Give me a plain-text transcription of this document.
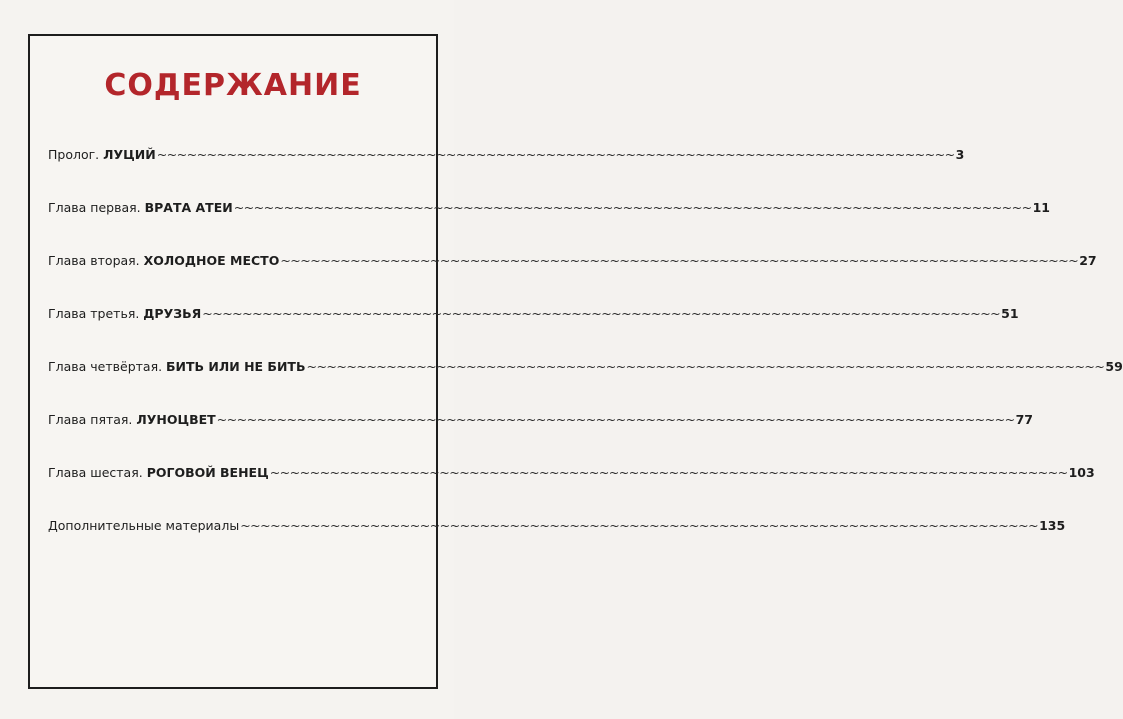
СОДЕРЖАНИЕ
Пролог. ЛУЦИЙ ~~~~~~~~~~~~~~~~~~~~~~~~~~~~~~~~~~~~~~~~~~~~~~~~~~~~~~~~~~~~~~~~~~~~~~~~~~~~~~~~ 3
Глава первая. ВРАТА АТЕИ ~~~~~~~~~~~~~~~~~~~~~~~~~~~~~~~~~~~~~~~~~~~~~~~~~~~~~~~~~~~~~~~~~~~~~~~~~~~~~~~~ 11
Глава вторая. ХОЛОДНОЕ МЕСТО ~~~~~~~~~~~~~~~~~~~~~~~~~~~~~~~~~~~~~~~~~~~~~~~~~~~~~~~~~~~~~~~~~~~~~~~~~~~~~~~~ 27
Глава третья. ДРУЗЬЯ ~~~~~~~~~~~~~~~~~~~~~~~~~~~~~~~~~~~~~~~~~~~~~~~~~~~~~~~~~~~~~~~~~~~~~~~~~~~~~~~~ 51
Глава четвёртая. БИТЬ ИЛИ НЕ БИТЬ ~~~~~~~~~~~~~~~~~~~~~~~~~~~~~~~~~~~~~~~~~~~~~~~~~~~~~~~~~~~~~~~~~~~~~~~~~~~~~~~~ 59
Глава пятая. ЛУНОЦВЕТ ~~~~~~~~~~~~~~~~~~~~~~~~~~~~~~~~~~~~~~~~~~~~~~~~~~~~~~~~~~~~~~~~~~~~~~~~~~~~~~~~ 77
Глава шестая. РОГОВОЙ ВЕНЕЦ ~~~~~~~~~~~~~~~~~~~~~~~~~~~~~~~~~~~~~~~~~~~~~~~~~~~~~~~~~~~~~~~~~~~~~~~~~~~~~~~~ 103
Дополнительные материалы ~~~~~~~~~~~~~~~~~~~~~~~~~~~~~~~~~~~~~~~~~~~~~~~~~~~~~~~~~~~~~~~~~~~~~~~~~~~~~~~~ 135
